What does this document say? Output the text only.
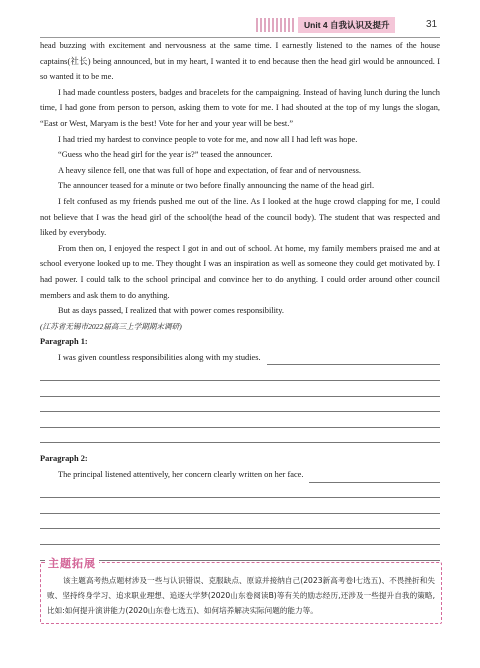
Unit 4 自我认识及提升	31

head buzzing with excitement and nervousness at the same time. I earnestly listened to the names of the house captains(社长) being announced, but in my heart, I wanted it to end because then the head girl would be announced. I so wanted it to be me.

I had made countless posters, badges and bracelets for the campaigning. Instead of having lunch during the lunch time, I had gone from person to person, asking them to vote for me. I had shouted at the top of my lungs the slogan, “East or West, Maryam is the best! Vote for her and your year will be best.”

I had tried my hardest to convince people to vote for me, and now all I had left was hope.

“Guess who the head girl for the year is?” teased the announcer.

A heavy silence fell, one that was full of hope and expectation, of fear and of nervousness.

The announcer teased for a minute or two before finally announcing the name of the head girl.

I felt confused as my friends pushed me out of the line. As I looked at the huge crowd clapping for me, I could not believe that I was the head girl of the school(the head of the council body). The student that was respected and liked by everybody.

From then on, I enjoyed the respect I got in and out of school. At home, my family members praised me and at school everyone looked up to me. They thought I was an inspiration as well as someone they could get motivated by. I had power. I could talk to the school principal and convince her to do anything. I could order around other council members and ask them to do anything.

But as days passed, I realized that with power comes responsibility.

(江苏省无锡市2022届高三上学期期末调研)

Paragraph 1:

I was given countless responsibilities along with my studies.

Paragraph 2:

The principal listened attentively, her concern clearly written on her face.
主题拓展
该主题高考热点题材涉及一些与认识错误、克服缺点、原谅并接纳自己(2023新高考卷Ⅰ七选五)、不畏挫折和失败、坚持终身学习、追求职业理想、追逐大学梦(2020山东卷阅读B)等有关的励志经历,还涉及一些提升自我的策略,比如:如何提升演讲能力(2020山东卷七选五)、如何培养解决实际问题的能力等。
